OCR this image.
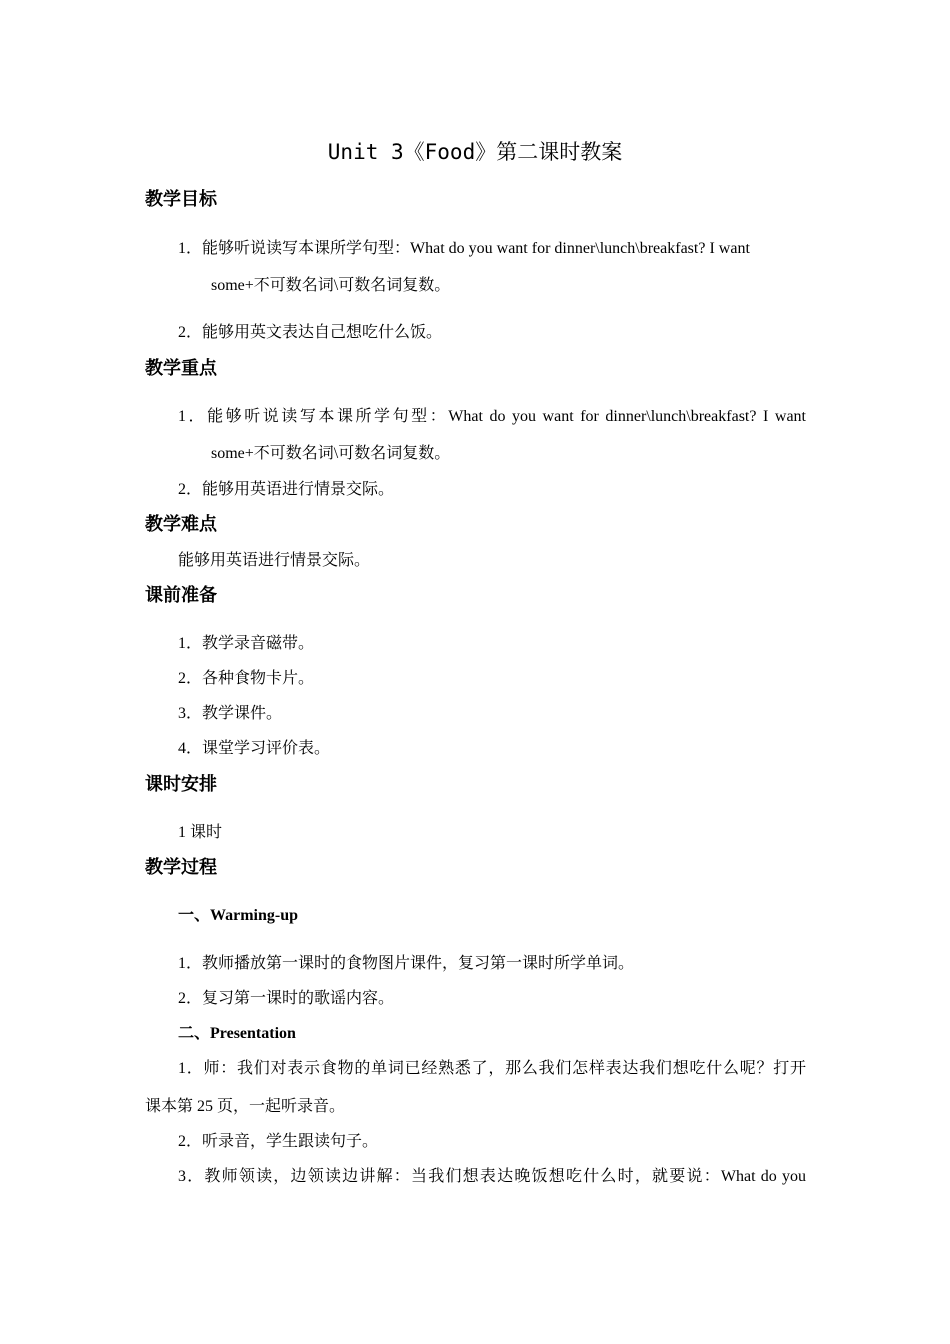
Unit 3《Food》第二课时教案
教学目标
1．能够听说读写本课所学句型：What do you want for dinner\lunch\breakfast? I want
some+不可数名词\可数名词复数。
2．能够用英文表达自己想吃什么饭。
教学重点
1．能够听说读写本课所学句型：What do you want for dinner\lunch\breakfast? I want
some+不可数名词\可数名词复数。
2．能够用英语进行情景交际。
教学难点
能够用英语进行情景交际。
课前准备
1．教学录音磁带。
2．各种食物卡片。
3．教学课件。
4．课堂学习评价表。
课时安排
1 课时
教学过程
一、Warming-up
1．教师播放第一课时的食物图片课件，复习第一课时所学单词。
2．复习第一课时的歌谣内容。
二、Presentation
1．师：我们对表示食物的单词已经熟悉了，那么我们怎样表达我们想吃什么呢？打开
课本第 25 页，一起听录音。
2．听录音，学生跟读句子。
3．教师领读，边领读边讲解：当我们想表达晚饭想吃什么时，就要说：What do you
